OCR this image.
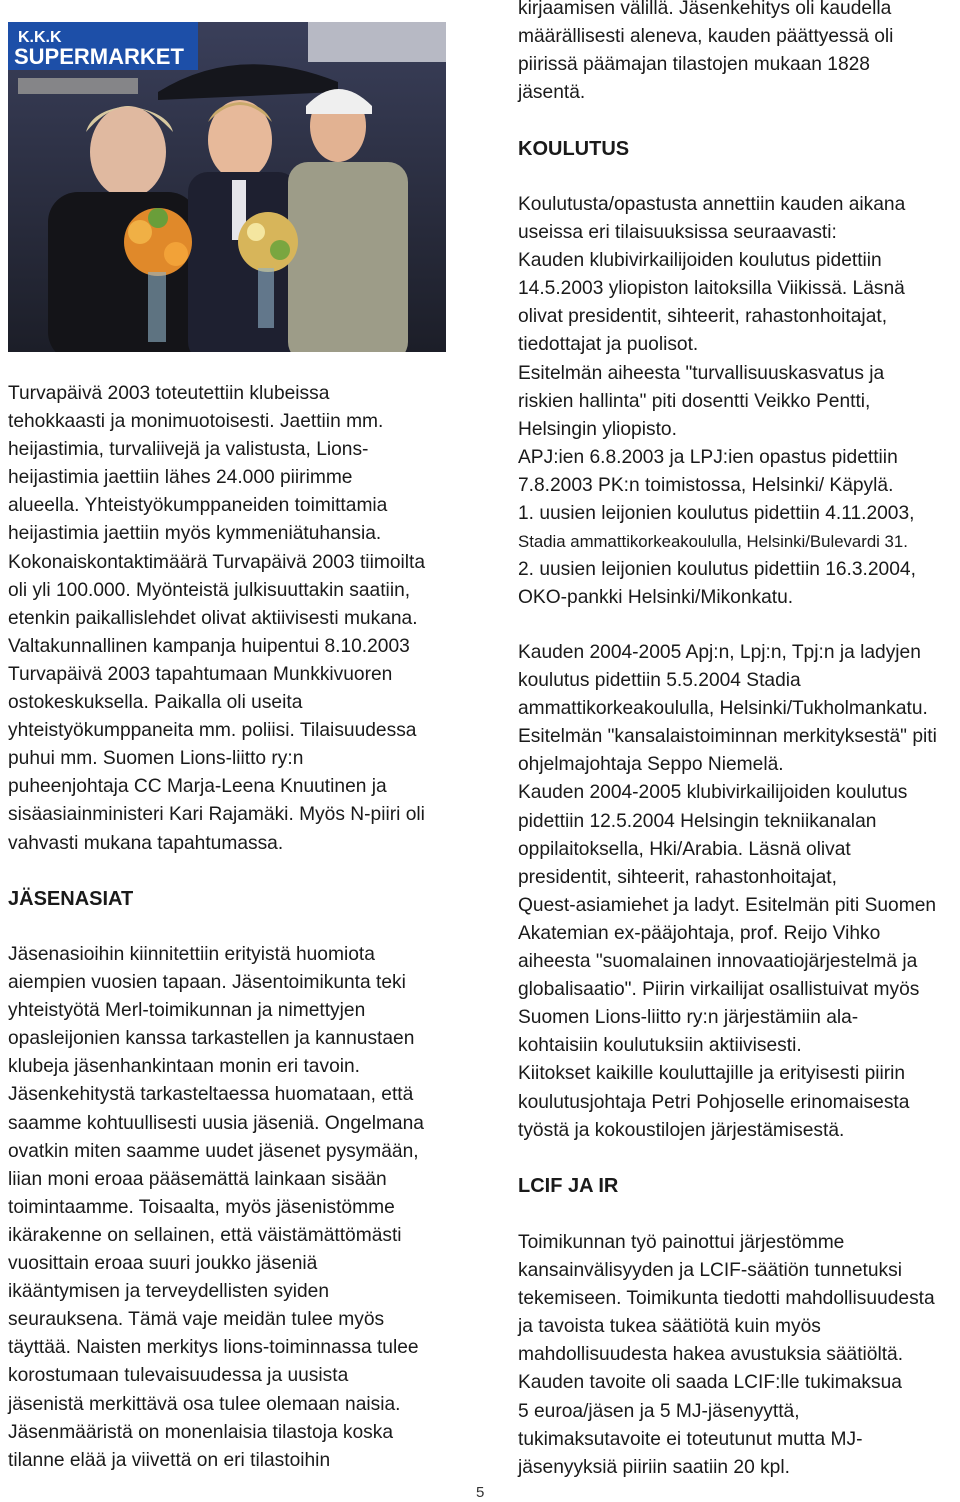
K.K.K
SUPERMARKET

Turvapäivä 2003 toteutettiin klubeissa
tehokkaasti ja monimuotoisesti. Jaettiin mm.
heijastimia, turvaliivejä ja valistusta, Lions-
heijastimia jaettiin lähes 24.000 piirimme
alueella. Yhteistyökumppaneiden toimittamia
heijastimia jaettiin myös kymmeniätuhansia.
Kokonaiskontaktimäärä Turvapäivä 2003 tiimoilta
oli yli 100.000. Myönteistä julkisuuttakin saatiin,
etenkin paikallislehdet olivat aktiivisesti mukana.
Valtakunnallinen kampanja huipentui 8.10.2003
Turvapäivä 2003 tapahtumaan Munkkivuoren
ostokeskuksella. Paikalla oli useita
yhteistyökumppaneita mm. poliisi. Tilaisuudessa
puhui mm. Suomen Lions-liitto ry:n
puheenjohtaja CC Marja-Leena Knuutinen ja
sisäasiainministeri Kari Rajamäki. Myös N-piiri oli
vahvasti mukana tapahtumassa.

JÄSENASIAT

Jäsenasioihin kiinnitettiin erityistä huomiota
aiempien vuosien tapaan. Jäsentoimikunta teki
yhteistyötä Merl-toimikunnan ja nimettyjen
opasleijonien kanssa tarkastellen ja kannustaen
klubeja jäsenhankintaan monin eri tavoin.
Jäsenkehitystä tarkasteltaessa huomataan, että
saamme kohtuullisesti uusia jäseniä. Ongelmana
ovatkin miten saamme uudet jäsenet pysymään,
liian moni eroaa pääsemättä lainkaan sisään
toimintaamme. Toisaalta, myös jäsenistömme
ikärakenne on sellainen, että väistämättömästi
vuosittain eroaa suuri joukko jäseniä
ikääntymisen ja terveydellisten syiden
seurauksena. Tämä vaje meidän tulee myös
täyttää. Naisten merkitys lions-toiminnassa tulee
korostumaan tulevaisuudessa ja uusista
jäsenistä merkittävä osa tulee olemaan naisia.
Jäsenmääristä on monenlaisia tilastoja koska
tilanne elää ja viivettä on eri tilastoihin

kirjaamisen välillä. Jäsenkehitys oli kaudella
määrällisesti aleneva, kauden päättyessä oli
piirissä päämajan tilastojen mukaan 1828
jäsentä.

KOULUTUS

Koulutusta/opastusta annettiin kauden aikana
useissa eri tilaisuuksissa seuraavasti:
Kauden klubivirkailijoiden koulutus pidettiin
14.5.2003 yliopiston laitoksilla Viikissä. Läsnä
olivat presidentit, sihteerit, rahastonhoitajat,
tiedottajat ja puolisot.
Esitelmän aiheesta "turvallisuuskasvatus ja
riskien hallinta" piti dosentti Veikko Pentti,
Helsingin yliopisto.
APJ:ien 6.8.2003 ja LPJ:ien opastus pidettiin
7.8.2003 PK:n toimistossa, Helsinki/ Käpylä.
1. uusien leijonien koulutus pidettiin 4.11.2003,

Stadia ammattikorkeakoululla, Helsinki/Bulevardi 31.

2. uusien leijonien koulutus pidettiin 16.3.2004,
OKO-pankki Helsinki/Mikonkatu.

Kauden 2004-2005 Apj:n, Lpj:n, Tpj:n ja ladyjen
koulutus pidettiin 5.5.2004 Stadia
ammattikorkeakoululla, Helsinki/Tukholmankatu.
Esitelmän "kansalaistoiminnan merkityksestä" piti
ohjelmajohtaja Seppo Niemelä.
Kauden 2004-2005 klubivirkailijoiden koulutus
pidettiin 12.5.2004 Helsingin tekniikanalan
oppilaitoksella, Hki/Arabia. Läsnä olivat
presidentit, sihteerit, rahastonhoitajat,
Quest-asiamiehet ja ladyt. Esitelmän piti Suomen
Akatemian ex-pääjohtaja, prof. Reijo Vihko
aiheesta "suomalainen innovaatiojärjestelmä ja
globalisaatio". Piirin virkailijat osallistuivat myös
Suomen Lions-liitto ry:n järjestämiin ala-
kohtaisiin koulutuksiin aktiivisesti.
Kiitokset kaikille kouluttajille ja erityisesti piirin
koulutusjohtaja Petri Pohjoselle erinomaisesta
työstä ja kokoustilojen järjestämisestä.

LCIF JA IR

Toimikunnan työ painottui järjestömme
kansainvälisyyden ja LCIF-säätiön tunnetuksi
tekemiseen. Toimikunta tiedotti mahdollisuudesta
ja tavoista tukea säätiötä kuin myös
mahdollisuudesta hakea avustuksia säätiöltä.
Kauden tavoite oli saada LCIF:lle tukimaksua
5 euroa/jäsen ja 5 MJ-jäsenyyttä,
tukimaksutavoite ei toteutunut mutta MJ-
jäsenyyksiä piiriin saatiin 20 kpl.

5
